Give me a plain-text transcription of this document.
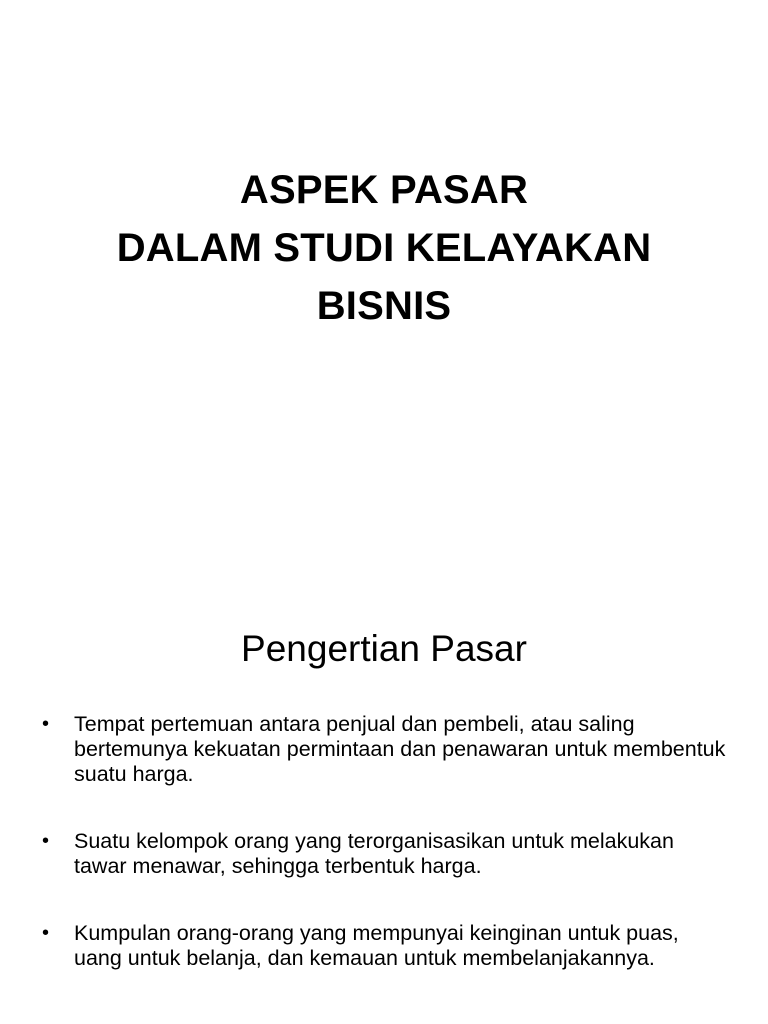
ASPEK PASAR
DALAM STUDI KELAYAKAN
BISNIS
Pengertian Pasar
• Tempat pertemuan antara penjual dan pembeli, atau saling bertemunya kekuatan permintaan dan penawaran untuk membentuk suatu harga.
• Suatu kelompok orang yang terorganisasikan untuk melakukan tawar menawar, sehingga terbentuk harga.
• Kumpulan orang-orang yang mempunyai keinginan untuk puas, uang untuk belanja, dan kemauan untuk membelanjakannya.
